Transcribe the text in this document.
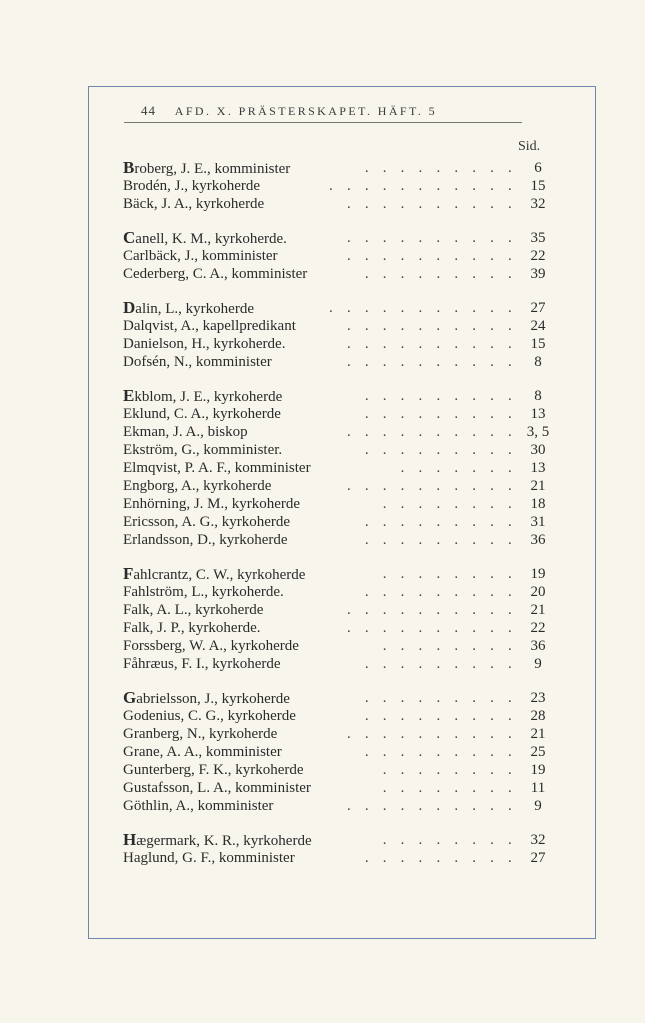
44 AFD. X. PRÄSTERSKAPET. HÄFT. 5
Sid.
Broberg, J. E., komminister	. . . . . . . . .	6
Brodén, J., kyrkoherde	. . . . . . . . . . . 15
Bäck, J. A., kyrkoherde	. . . . . . . . . . 32
Canell, K. M., kyrkoherde.	. . . . . . . . . . 35
Carlbäck, J., komminister	. . . . . . . . . . 22
Cederberg, C. A., komminister	. . . . . . . . . 39
Dalin, L., kyrkoherde	. . . . . . . . . . . 27
Dalqvist, A., kapellpredikant	. . . . . . . . . . 24
Danielson, H., kyrkoherde.	. . . . . . . . . . 15
Dofsén, N., komminister	. . . . . . . . . .	8
Ekblom, J. E., kyrkoherde	. . . . . . . . .	8
Eklund, C. A., kyrkoherde	. . . . . . . . . 13
Ekman, J. A., biskop	. . . . . . . . . . 3, 5
Ekström, G., komminister.	. . . . . . . . . 30
Elmqvist, P. A. F., komminister	. . . . . . . 13
Engborg, A., kyrkoherde	. . . . . . . . . . 21
Enhörning, J. M., kyrkoherde	. . . . . . . . 18
Ericsson, A. G., kyrkoherde	. . . . . . . . . 31
Erlandsson, D., kyrkoherde	. . . . . . . . . 36
Fahlcrantz, C. W., kyrkoherde	. . . . . . . . 19
Fahlström, L., kyrkoherde.	. . . . . . . . . 20
Falk, A. L., kyrkoherde	. . . . . . . . . . 21
Falk, J. P., kyrkoherde.	. . . . . . . . . . 22
Forssberg, W. A., kyrkoherde	. . . . . . . . 36
Fåhræus, F. I., kyrkoherde	. . . . . . . . .	9
Gabrielsson, J., kyrkoherde	. . . . . . . . . 23
Godenius, C. G., kyrkoherde	. . . . . . . . . 28
Granberg, N., kyrkoherde	. . . . . . . . . . 21
Grane, A. A., komminister	. . . . . . . . . 25
Gunterberg, F. K., kyrkoherde	. . . . . . . . 19
Gustafsson, L. A., komminister	. . . . . . . . 11
Göthlin, A., komminister	. . . . . . . . . .	9
Hægermark, K. R., kyrkoherde	. . . . . . . . 32
Haglund, G. F., komminister	. . . . . . . . . 27
